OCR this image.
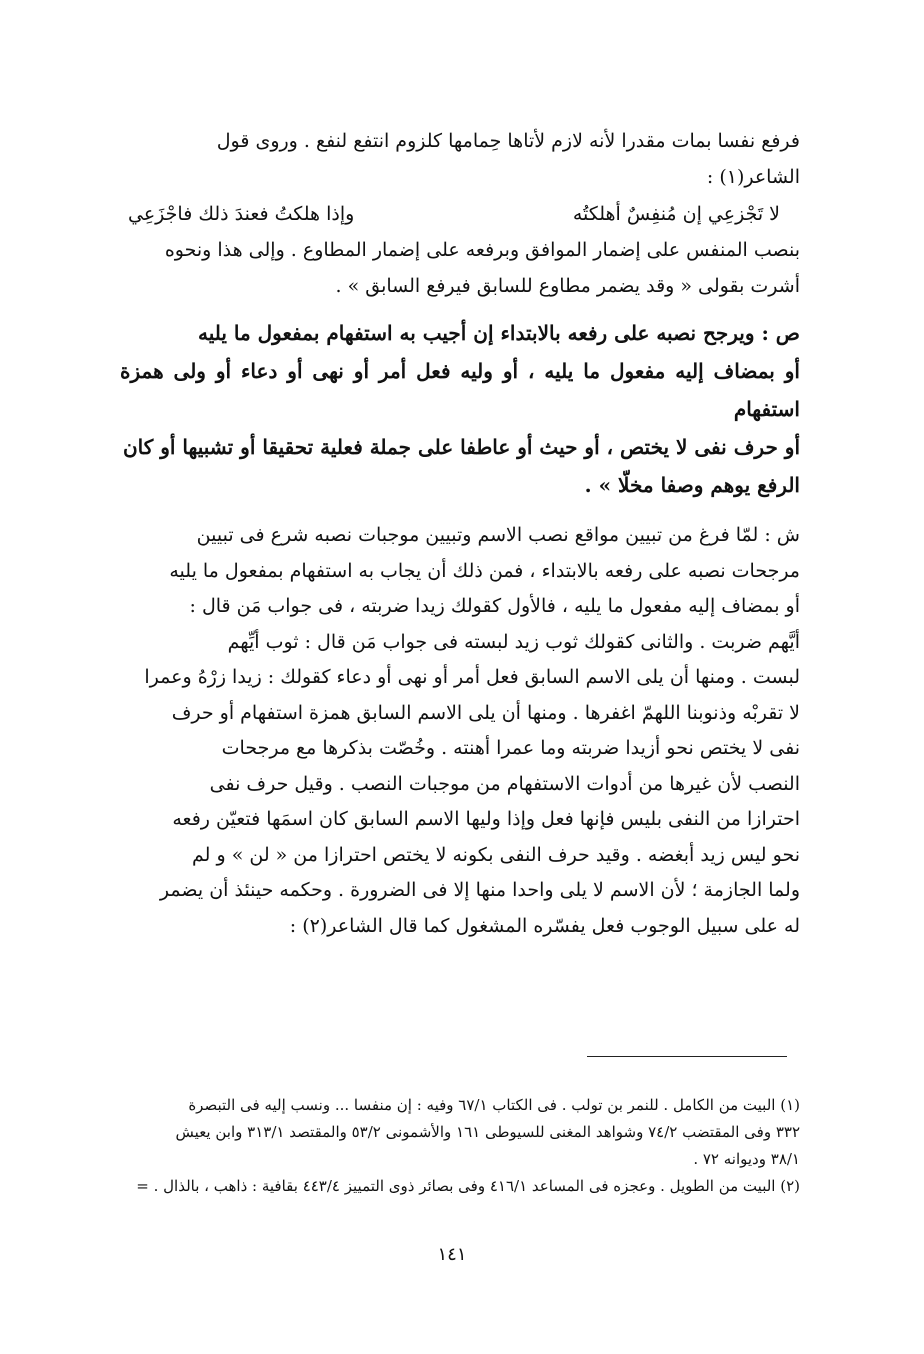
فرفع نفسا بمات مقدرا لأنه لازم لأتاها حِمامها كلزوم انتفع لنفع . وروى قول

الشاعر(١) :

لا تَجْزعِي إن مُنفِسٌ أهلكتُه
وإذا هلكتُ فعندَ ذلك فاجْزَعِي

بنصب المنفس على إضمار الموافق وبرفعه على إضمار المطاوع . وإلى هذا ونحوه

أشرت بقولى « وقد يضمر مطاوع للسابق فيرفع السابق » .

ص : ويرجح نصبه على رفعه بالابتداء إن أجيب به استفهام بمفعول ما يليه

أو بمضاف إليه مفعول ما يليه ، أو وليه فعل أمر أو نهى أو دعاء أو ولى همزة استفهام

أو حرف نفى لا يختص ، أو حيث أو عاطفا على جملة فعلية تحقيقا أو تشبيها أو كان

الرفع يوهم وصفا مخلّا » .

ش : لمّا فرغ من تبيين مواقع نصب الاسم وتبيين موجبات نصبه شرع فى تبيين

مرجحات نصبه على رفعه بالابتداء ، فمن ذلك أن يجاب به استفهام بمفعول ما يليه

أو بمضاف إليه مفعول ما يليه ، فالأول كقولك زيدا ضربته ، فى جواب مَن قال :

أيَّهم ضربت . والثانى كقولك ثوب زيد لبسته فى جواب مَن قال : ثوب أيِّهم

لبست . ومنها أن يلى الاسم السابق فعل أمر أو نهى أو دعاء كقولك : زيدا زرْهُ وعمرا

لا تقربْه وذنوبنا اللهمّ اغفرها . ومنها أن يلى الاسم السابق همزة استفهام أو حرف

نفى لا يختص نحو أزيدا ضربته وما عمرا أهنته . وخُصّت بذكرها مع مرجحات

النصب لأن غيرها من أدوات الاستفهام من موجبات النصب . وقيل حرف نفى

احترازا من النفى بليس فإنها فعل وإذا وليها الاسم السابق كان اسمَها فتعيّن رفعه

نحو ليس زيد أبغضه . وقيد حرف النفى بكونه لا يختص احترازا من « لن » و لم

ولما الجازمة ؛ لأن الاسم لا يلى واحدا منها إلا فى الضرورة . وحكمه حينئذ أن يضمر

له على سبيل الوجوب فعل يفسّره المشغول كما قال الشاعر(٢) :

(١) البيت من الكامل . للنمر بن تولب . فى الكتاب ٦٧/١ وفيه : إن منفسا ... ونسب إليه فى التبصرة

٣٣٢ وفى المقتضب ٧٤/٢ وشواهد المغنى للسيوطى ١٦١ والأشمونى ٥٣/٢ والمقتصد ٣١٣/١ وابن يعيش

٣٨/١ وديوانه ٧٢ .

(٢) البيت من الطويل . وعجزه فى المساعد ٤١٦/١ وفى بصائر ذوى التمييز ٤٤٣/٤ بقافية : ذاهب ، بالذال . =

١٤١
